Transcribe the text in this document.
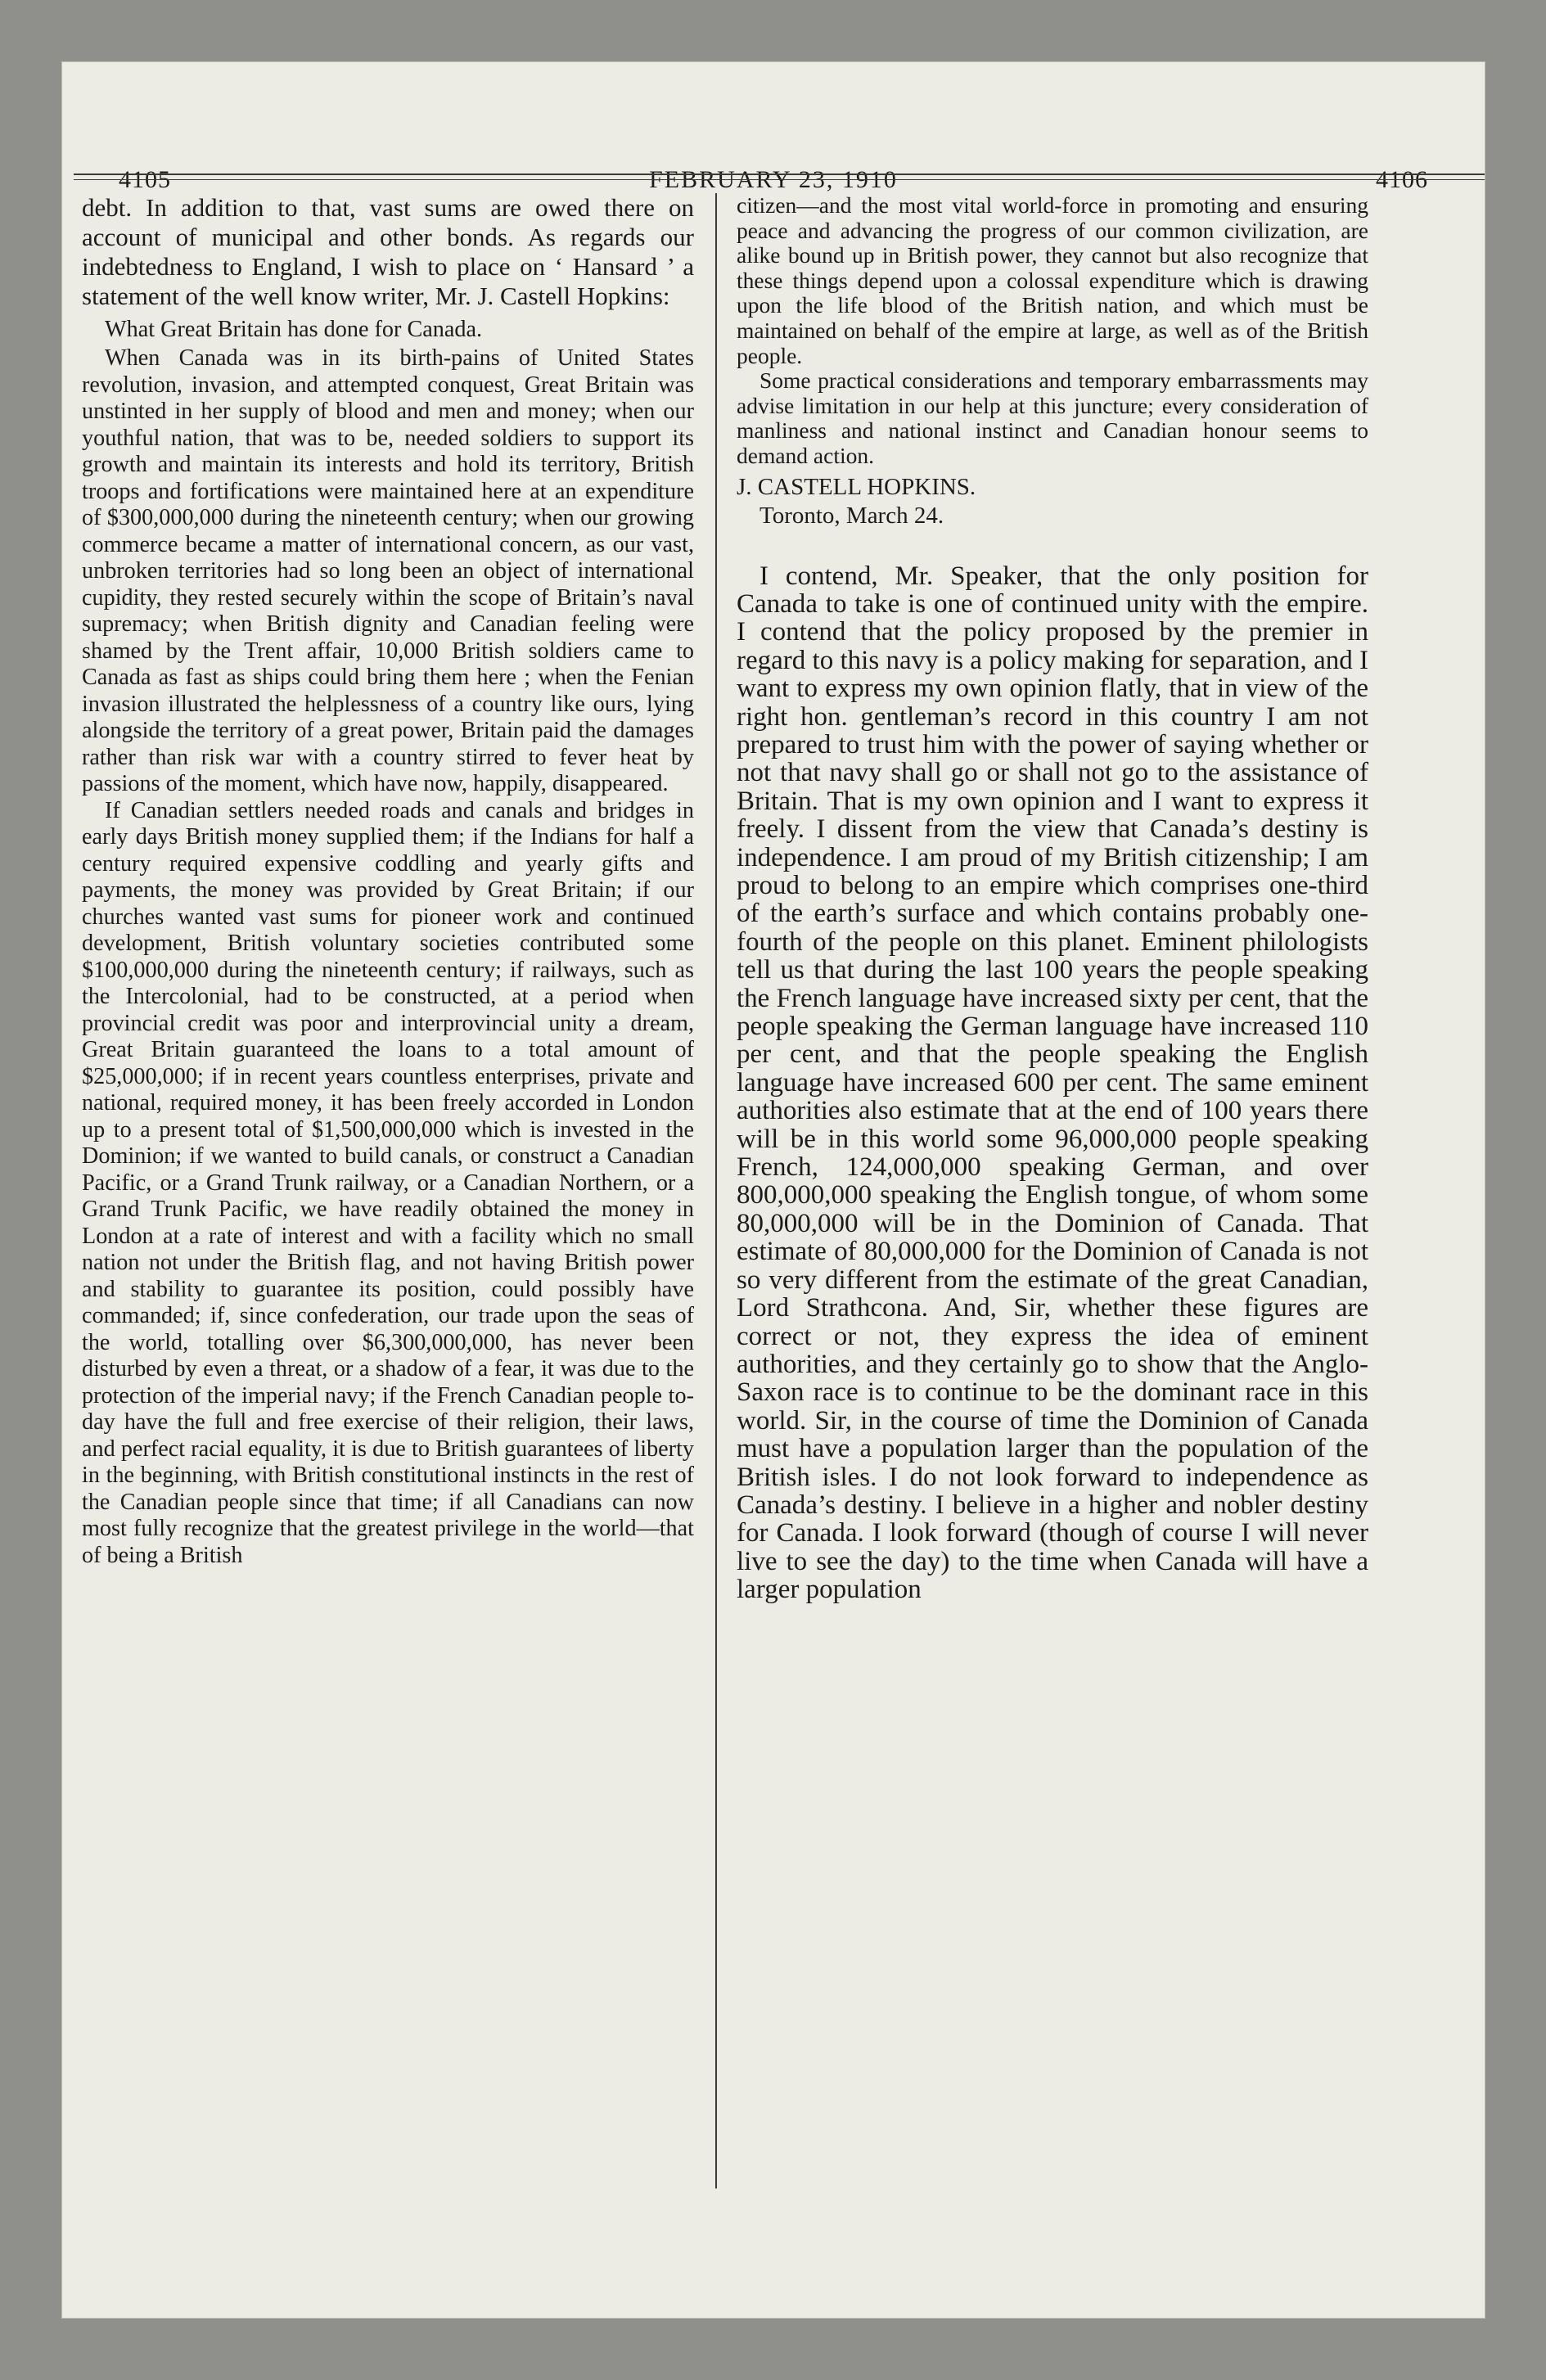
4105	FEBRUARY 23, 1910	4106

debt. In addition to that, vast sums are owed there on account of municipal and other bonds. As regards our indebtedness to England, I wish to place on ‘ Hansard ’ a statement of the well know writer, Mr. J. Castell Hopkins:

What Great Britain has done for Canada.

When Canada was in its birth-pains of United States revolution, invasion, and attempted conquest, Great Britain was unstinted in her supply of blood and men and money; when our youthful nation, that was to be, needed soldiers to support its growth and maintain its interests and hold its territory, British troops and fortifications were maintained here at an expenditure of $300,000,000 during the nineteenth century; when our growing commerce became a matter of international concern, as our vast, unbroken territories had so long been an object of international cupidity, they rested securely within the scope of Britain’s naval supremacy; when British dignity and Canadian feeling were shamed by the Trent affair, 10,000 British soldiers came to Canada as fast as ships could bring them here ; when the Fenian invasion illustrated the helplessness of a country like ours, lying alongside the territory of a great power, Britain paid the damages rather than risk war with a country stirred to fever heat by passions of the moment, which have now, happily, disappeared.

If Canadian settlers needed roads and canals and bridges in early days British money supplied them; if the Indians for half a century required expensive coddling and yearly gifts and payments, the money was provided by Great Britain; if our churches wanted vast sums for pioneer work and continued development, British voluntary societies contributed some $100,000,000 during the nineteenth century; if railways, such as the Intercolonial, had to be constructed, at a period when provincial credit was poor and interprovincial unity a dream, Great Britain guaranteed the loans to a total amount of $25,000,000; if in recent years countless enterprises, private and national, required money, it has been freely accorded in London up to a present total of $1,500,000,000 which is invested in the Dominion; if we wanted to build canals, or construct a Canadian Pacific, or a Grand Trunk railway, or a Canadian Northern, or a Grand Trunk Pacific, we have readily obtained the money in London at a rate of interest and with a facility which no small nation not under the British flag, and not having British power and stability to guarantee its position, could possibly have commanded; if, since confederation, our trade upon the seas of the world, totalling over $6,300,000,000, has never been disturbed by even a threat, or a shadow of a fear, it was due to the protection of the imperial navy; if the French Canadian people to-day have the full and free exercise of their religion, their laws, and perfect racial equality, it is due to British guarantees of liberty in the beginning, with British constitutional instincts in the rest of the Canadian people since that time; if all Canadians can now most fully recognize that the greatest privilege in the world—that of being a British

citizen—and the most vital world-force in promoting and ensuring peace and advancing the progress of our common civilization, are alike bound up in British power, they cannot but also recognize that these things depend upon a colossal expenditure which is drawing upon the life blood of the British nation, and which must be maintained on behalf of the empire at large, as well as of the British people.

Some practical considerations and temporary embarrassments may advise limitation in our help at this juncture; every consideration of manliness and national instinct and Canadian honour seems to demand action.

J. CASTELL HOPKINS.

Toronto, March 24.

I contend, Mr. Speaker, that the only position for Canada to take is one of continued unity with the empire. I contend that the policy proposed by the premier in regard to this navy is a policy making for separation, and I want to express my own opinion flatly, that in view of the right hon. gentleman’s record in this country I am not prepared to trust him with the power of saying whether or not that navy shall go or shall not go to the assistance of Britain. That is my own opinion and I want to express it freely. I dissent from the view that Canada’s destiny is independence. I am proud of my British citizenship; I am proud to belong to an empire which comprises one-third of the earth’s surface and which contains probably one-fourth of the people on this planet. Eminent philologists tell us that during the last 100 years the people speaking the French language have increased sixty per cent, that the people speaking the German language have increased 110 per cent, and that the people speaking the English language have increased 600 per cent. The same eminent authorities also estimate that at the end of 100 years there will be in this world some 96,000,000 people speaking French, 124,000,000 speaking German, and over 800,000,000 speaking the English tongue, of whom some 80,000,000 will be in the Dominion of Canada. That estimate of 80,000,000 for the Dominion of Canada is not so very different from the estimate of the great Canadian, Lord Strathcona. And, Sir, whether these figures are correct or not, they express the idea of eminent authorities, and they certainly go to show that the Anglo-Saxon race is to continue to be the dominant race in this world. Sir, in the course of time the Dominion of Canada must have a population larger than the population of the British isles. I do not look forward to independence as Canada’s destiny. I believe in a higher and nobler destiny for Canada. I look forward (though of course I will never live to see the day) to the time when Canada will have a larger population
